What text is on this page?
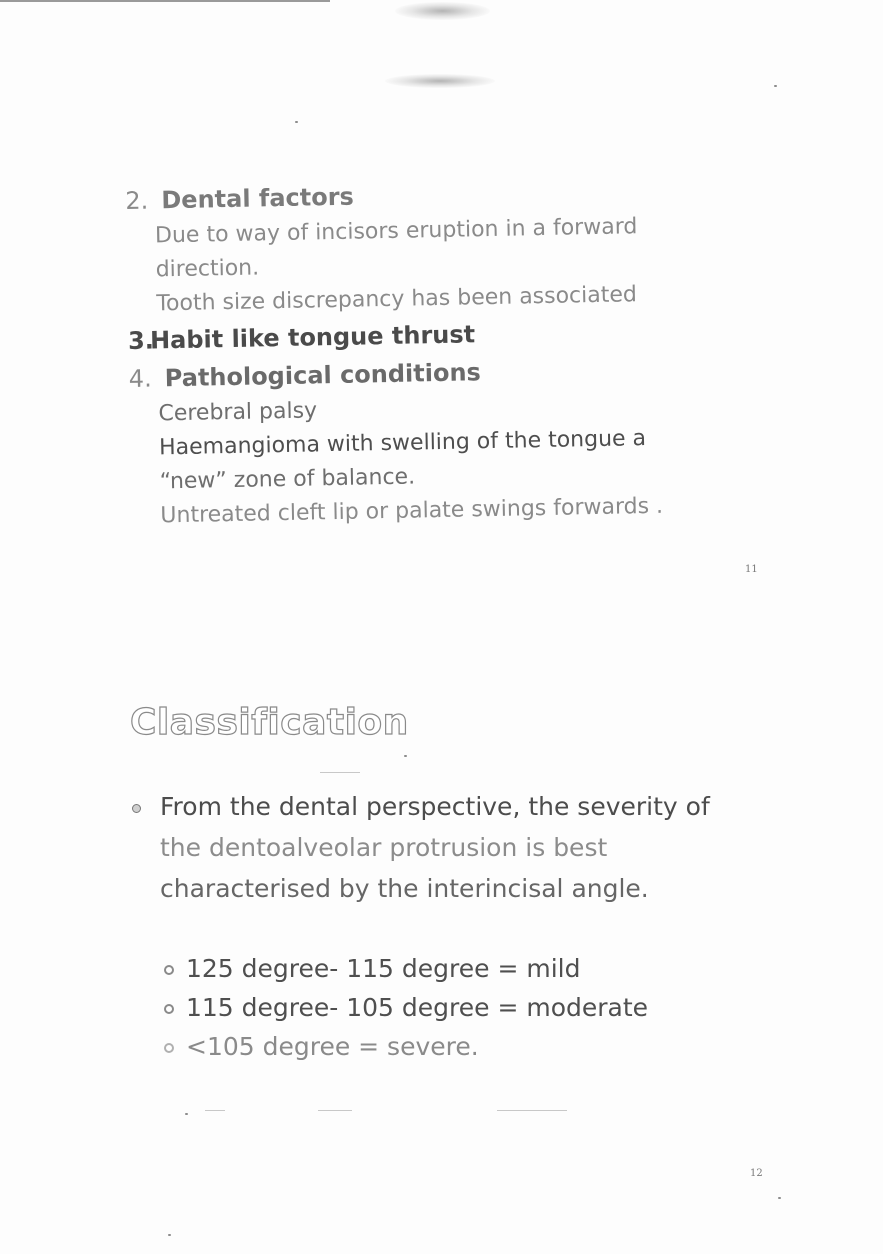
2. Dental factors
Due to way of incisors eruption in a forward
direction.
Tooth size discrepancy has been associated
3.Habit like tongue thrust
4. Pathological conditions
Cerebral palsy
Haemangioma with swelling of the tongue a
“new” zone of balance.
Untreated cleft lip or palate swings forwards .
11
Classification
From the dental perspective, the severity of
the dentoalveolar protrusion is best
characterised by the interincisal angle.
125 degree- 115 degree = mild
115 degree- 105 degree = moderate
<105 degree = severe.
12
